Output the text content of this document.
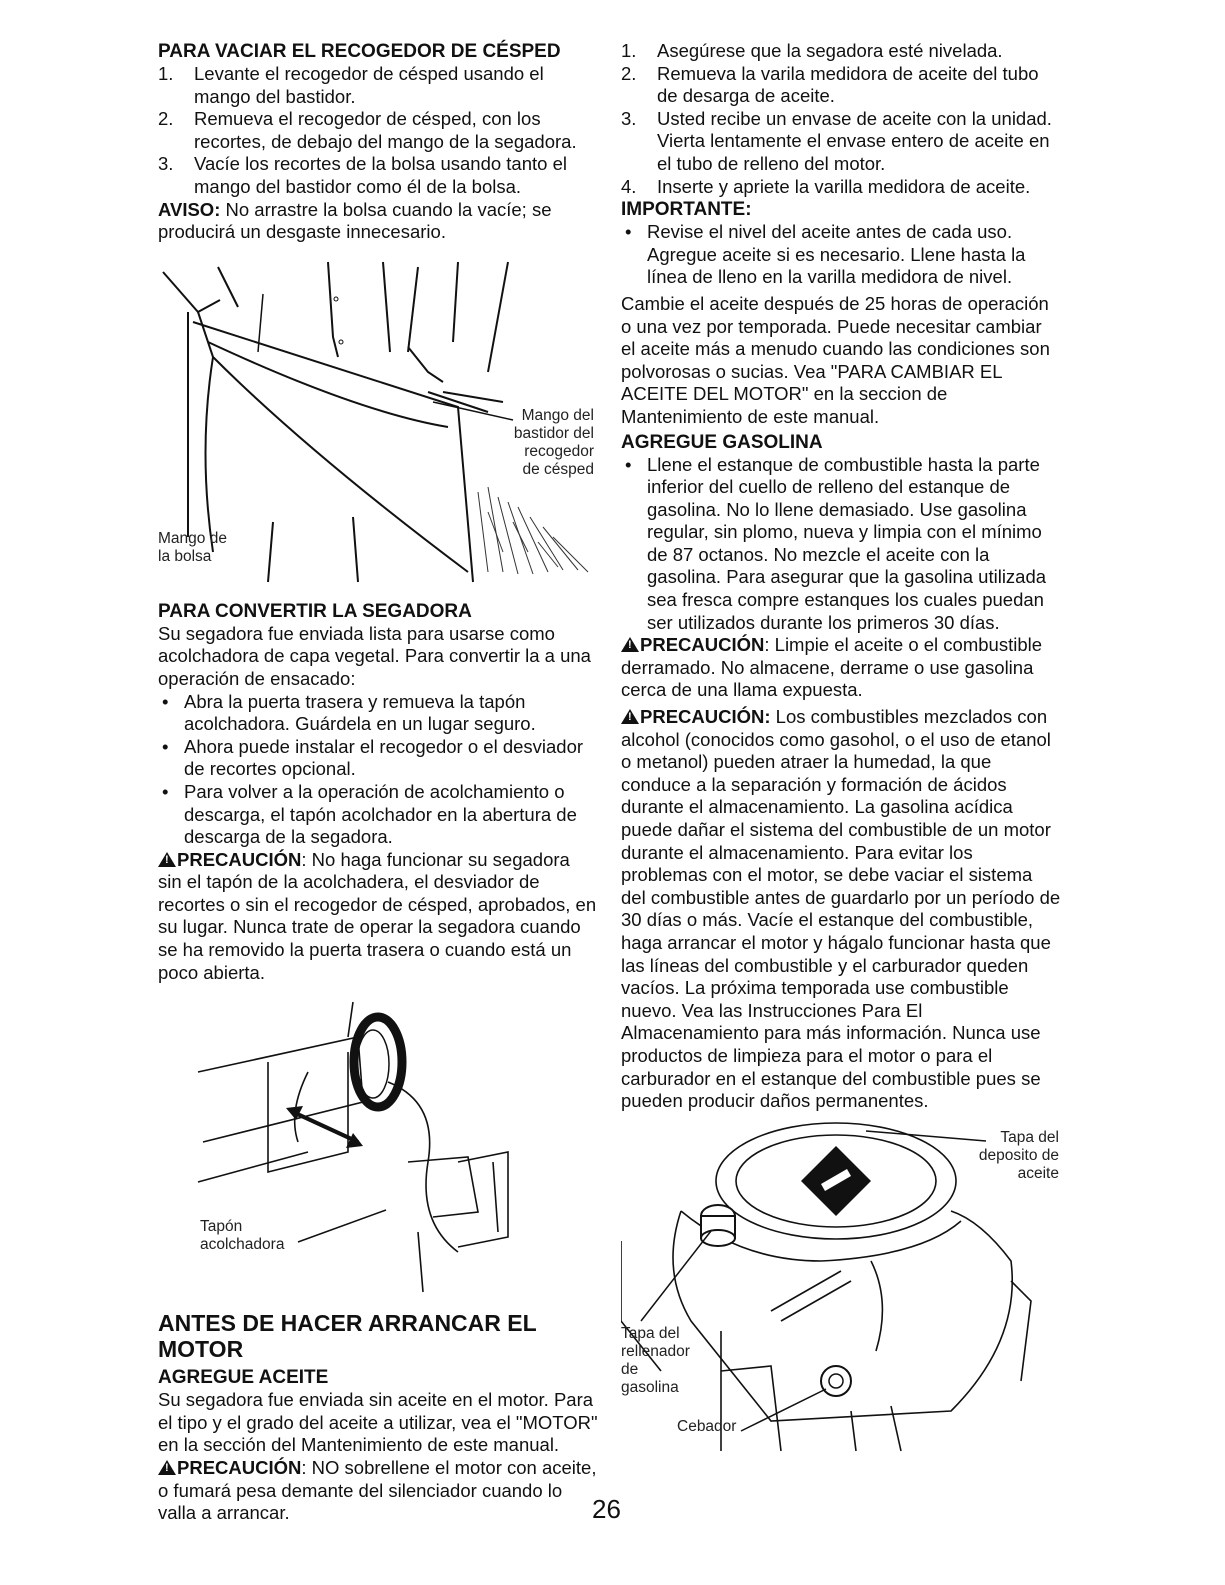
PARA VACIAR EL RECOGEDOR DE CÉSPED
1. Levante el recogedor de césped usando el mango del bastidor.
2. Remueva el recogedor de césped, con los recortes, de debajo del mango de la segadora.
3. Vacíe los recortes de la bolsa usando tanto el mango del bastidor como él de la bolsa.

AVISO: No arrastre la bolsa cuando la vacíe; se producirá un desgaste innecesario.

Mango del
bastidor del
recogedor
de césped
Mango de
la bolsa
PARA CONVERTIR LA SEGADORA

Su segadora fue enviada lista para usarse como acolchadora de capa vegetal. Para convertir la a una operación de ensacado:

• Abra la puerta trasera y remueva la tapón acolchadora. Guárdela en un lugar seguro.
• Ahora puede instalar el recogedor o el desviador de recortes opcional.
• Para volver a la operación de acolchamiento o descarga, el tapón acolchador en la abertura de descarga de la segadora.

!PRECAUCIÓN: No haga funcionar su segadora sin el tapón de la acolchadera, el desviador de recortes o sin el recogedor de césped, aprobados, en su lugar. Nunca trate de operar la segadora cuando se ha removido la puerta trasera o cuando está un poco abierta.

Tapón
acolchadora
ANTES DE HACER ARRANCAR EL MOTOR
AGREGUE ACEITE

Su segadora fue enviada sin aceite en el motor. Para el tipo y el grado del aceite a utilizar, vea el "MOTOR" en la sección del Mantenimiento de este manual.

!PRECAUCIÓN: NO sobrellene el motor con aceite, o fumará pesa demante del silenciador cuando lo valla a arrancar.

1. Asegúrese que la segadora esté nivelada.
2. Remueva la varila medidora de aceite del tubo de desarga de aceite.
3. Usted recibe un envase de aceite con la unidad. Vierta lentamente el envase entero de aceite en el tubo de relleno del motor.
4. Inserte y apriete la varilla medidora de aceite.
IMPORTANTE:
• Revise el nivel del aceite antes de cada uso. Agregue aceite si es necesario. Llene hasta la línea de lleno en la varilla medidora de nivel.
Cambie el aceite después de 25 horas de operación o una vez por temporada. Puede necesitar cambiar el aceite más a menudo cuando las condiciones son polvorosas o sucias. Vea "PARA CAMBIAR EL ACEITE DEL MOTOR" en la seccion de Mantenimiento de este manual.
AGREGUE GASOLINA
• Llene el estanque de combustible hasta la parte inferior del cuello de relleno del estanque de gasolina. No lo llene demasiado. Use gasolina regular, sin plomo, nueva y limpia con el mínimo de 87 octanos. No mezcle el aceite con la gasolina. Para asegurar que la gasolina utilizada sea fresca compre estanques los cuales puedan ser utilizados durante los primeros 30 días.

!PRECAUCIÓN: Limpie el aceite o el combustible derramado. No almacene, derrame o use gasolina cerca de una llama expuesta.

!PRECAUCIÓN: Los combustibles mezclados con alcohol (conocidos como gasohol, o el uso de etanol o metanol) pueden atraer la humedad, la que conduce a la separación y formación de ácidos durante el almacenamiento. La gasolina acídica puede dañar el sistema del combustible de un motor durante el almacenamiento. Para evitar los problemas con el motor, se debe vaciar el sistema del combustible antes de guardarlo por un período de 30 días o más. Vacíe el estanque del combustible, haga arrancar el motor y hágalo funcionar hasta que las líneas del combustible y el carburador queden vacíos. La próxima temporada use combustible nuevo. Vea las Instrucciones Para El Almacenamiento para más información. Nunca use productos de limpieza para el motor o para el carburador en el estanque del combustible pues se pueden producir daños permanentes.

Tapa del
deposito de
aceite
Tapa del
rellenador
de
gasolina
Cebador
26
